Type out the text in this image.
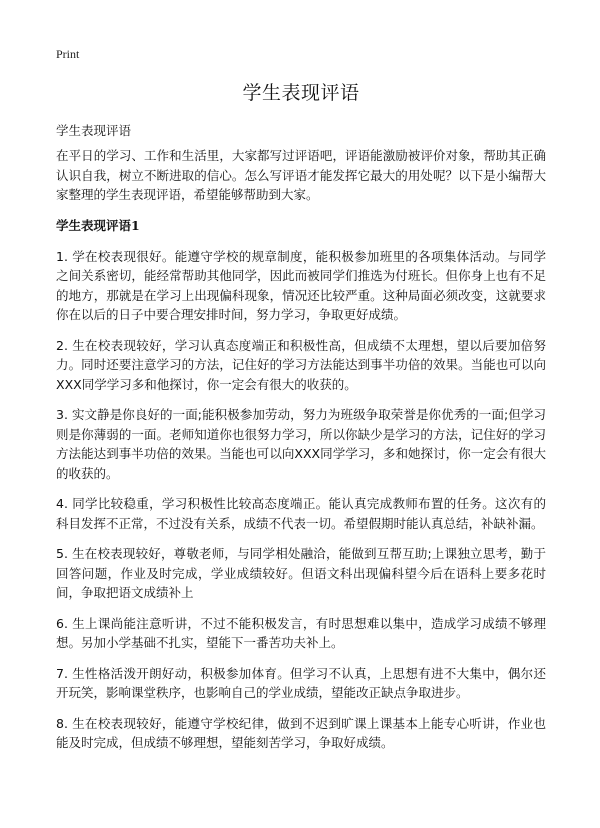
Print
学生表现评语
学生表现评语

在平日的学习、工作和生活里，大家都写过评语吧，评语能激励被评价对象，帮助其正确认识自我，树立不断进取的信心。怎么写评语才能发挥它最大的用处呢？以下是小编帮大家整理的学生表现评语，希望能够帮助到大家。

学生表现评语1

1. 学在校表现很好。能遵守学校的规章制度，能积极参加班里的各项集体活动。与同学之间关系密切，能经常帮助其他同学，因此而被同学们推选为付班长。但你身上也有不足的地方，那就是在学习上出现偏科现象，情况还比较严重。这种局面必须改变，这就要求你在以后的日子中要合理安排时间，努力学习，争取更好成绩。

2. 生在校表现较好，学习认真态度端正和积极性高，但成绩不太理想，望以后要加倍努力。同时还要注意学习的方法，记住好的学习方法能达到事半功倍的效果。当能也可以向XXX同学学习多和他探讨，你一定会有很大的收获的。

3. 实文静是你良好的一面;能积极参加劳动，努力为班级争取荣誉是你优秀的一面;但学习则是你薄弱的一面。老师知道你也很努力学习，所以你缺少是学习的方法，记住好的学习方法能达到事半功倍的效果。当能也可以向XXX同学学习，多和她探讨，你一定会有很大的收获的。

4. 同学比较稳重，学习积极性比较高态度端正。能认真完成教师布置的任务。这次有的科目发挥不正常，不过没有关系，成绩不代表一切。希望假期时能认真总结，补缺补漏。

5. 生在校表现较好，尊敬老师，与同学相处融洽，能做到互帮互助;上课独立思考，勤于回答问题，作业及时完成，学业成绩较好。但语文科出现偏科望今后在语科上要多花时间，争取把语文成绩补上

6. 生上课尚能注意听讲，不过不能积极发言，有时思想难以集中，造成学习成绩不够理想。另加小学基础不扎实，望能下一番苦功夫补上。

7. 生性格活泼开朗好动，积极参加体育。但学习不认真，上思想有进不大集中，偶尔还开玩笑，影响课堂秩序，也影响自己的学业成绩，望能改正缺点争取进步。

8. 生在校表现较好，能遵守学校纪律，做到不迟到旷课上课基本上能专心听讲，作业也能及时完成，但成绩不够理想，望能刻苦学习，争取好成绩。
